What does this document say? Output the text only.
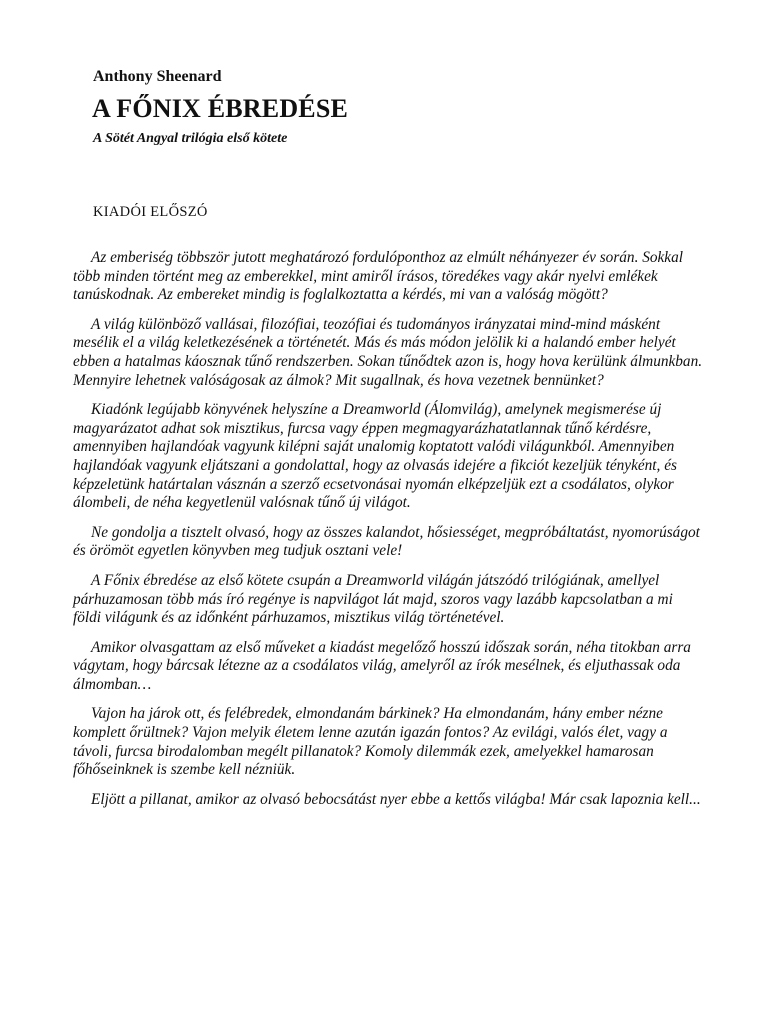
Anthony Sheenard
A FŐNIX ÉBREDÉSE
A Sötét Angyal trilógia első kötete
KIADÓI ELŐSZÓ

Az emberiség többször jutott meghatározó fordulóponthoz az elmúlt néhányezer év során. Sokkal több minden történt meg az emberekkel, mint amiről írásos, töredékes vagy akár nyelvi emlékek tanúskodnak. Az embereket mindig is foglalkoztatta a kérdés, mi van a valóság mögött?

A világ különböző vallásai, filozófiai, teozófiai és tudományos irányzatai mind-mind másként mesélik el a világ keletkezésének a történetét. Más és más módon jelölik ki a halandó ember helyét ebben a hatalmas káosznak tűnő rendszerben. Sokan tűnődtek azon is, hogy hova kerülünk álmunkban. Mennyire lehetnek valóságosak az álmok? Mit sugallnak, és hova vezetnek bennünket?

Kiadónk legújabb könyvének helyszíne a Dreamworld (Álomvilág), amelynek megismerése új magyarázatot adhat sok misztikus, furcsa vagy éppen megmagyarázhatatlannak tűnő kérdésre, amennyiben hajlandóak vagyunk kilépni saját unalomig koptatott valódi világunkból. Amennyiben hajlandóak vagyunk eljátszani a gondolattal, hogy az olvasás idejére a fikciót kezeljük tényként, és képzeletünk határtalan vásznán a szerző ecsetvonásai nyomán elképzeljük ezt a csodálatos, olykor álombeli, de néha kegyetlenül valósnak tűnő új világot.

Ne gondolja a tisztelt olvasó, hogy az összes kalandot, hősiességet, megpróbáltatást, nyomorúságot és örömöt egyetlen könyvben meg tudjuk osztani vele!

A Főnix ébredése az első kötete csupán a Dreamworld világán játszódó trilógiának, amellyel párhuzamosan több más író regénye is napvilágot lát majd, szoros vagy lazább kapcsolatban a mi földi világunk és az időnként párhuzamos, misztikus világ történetével.

Amikor olvasgattam az első műveket a kiadást megelőző hosszú időszak során, néha titokban arra vágytam, hogy bárcsak létezne az a csodálatos világ, amelyről az írók mesélnek, és eljuthassak oda álmomban…

Vajon ha járok ott, és felébredek, elmondanám bárkinek? Ha elmondanám, hány ember nézne komplett őrültnek? Vajon melyik életem lenne azután igazán fontos? Az evilági, valós élet, vagy a távoli, furcsa birodalomban megélt pillanatok? Komoly dilemmák ezek, amelyekkel hamarosan főhőseinknek is szembe kell nézniük.

Eljött a pillanat, amikor az olvasó bebocsátást nyer ebbe a kettős világba! Már csak lapoznia kell...
